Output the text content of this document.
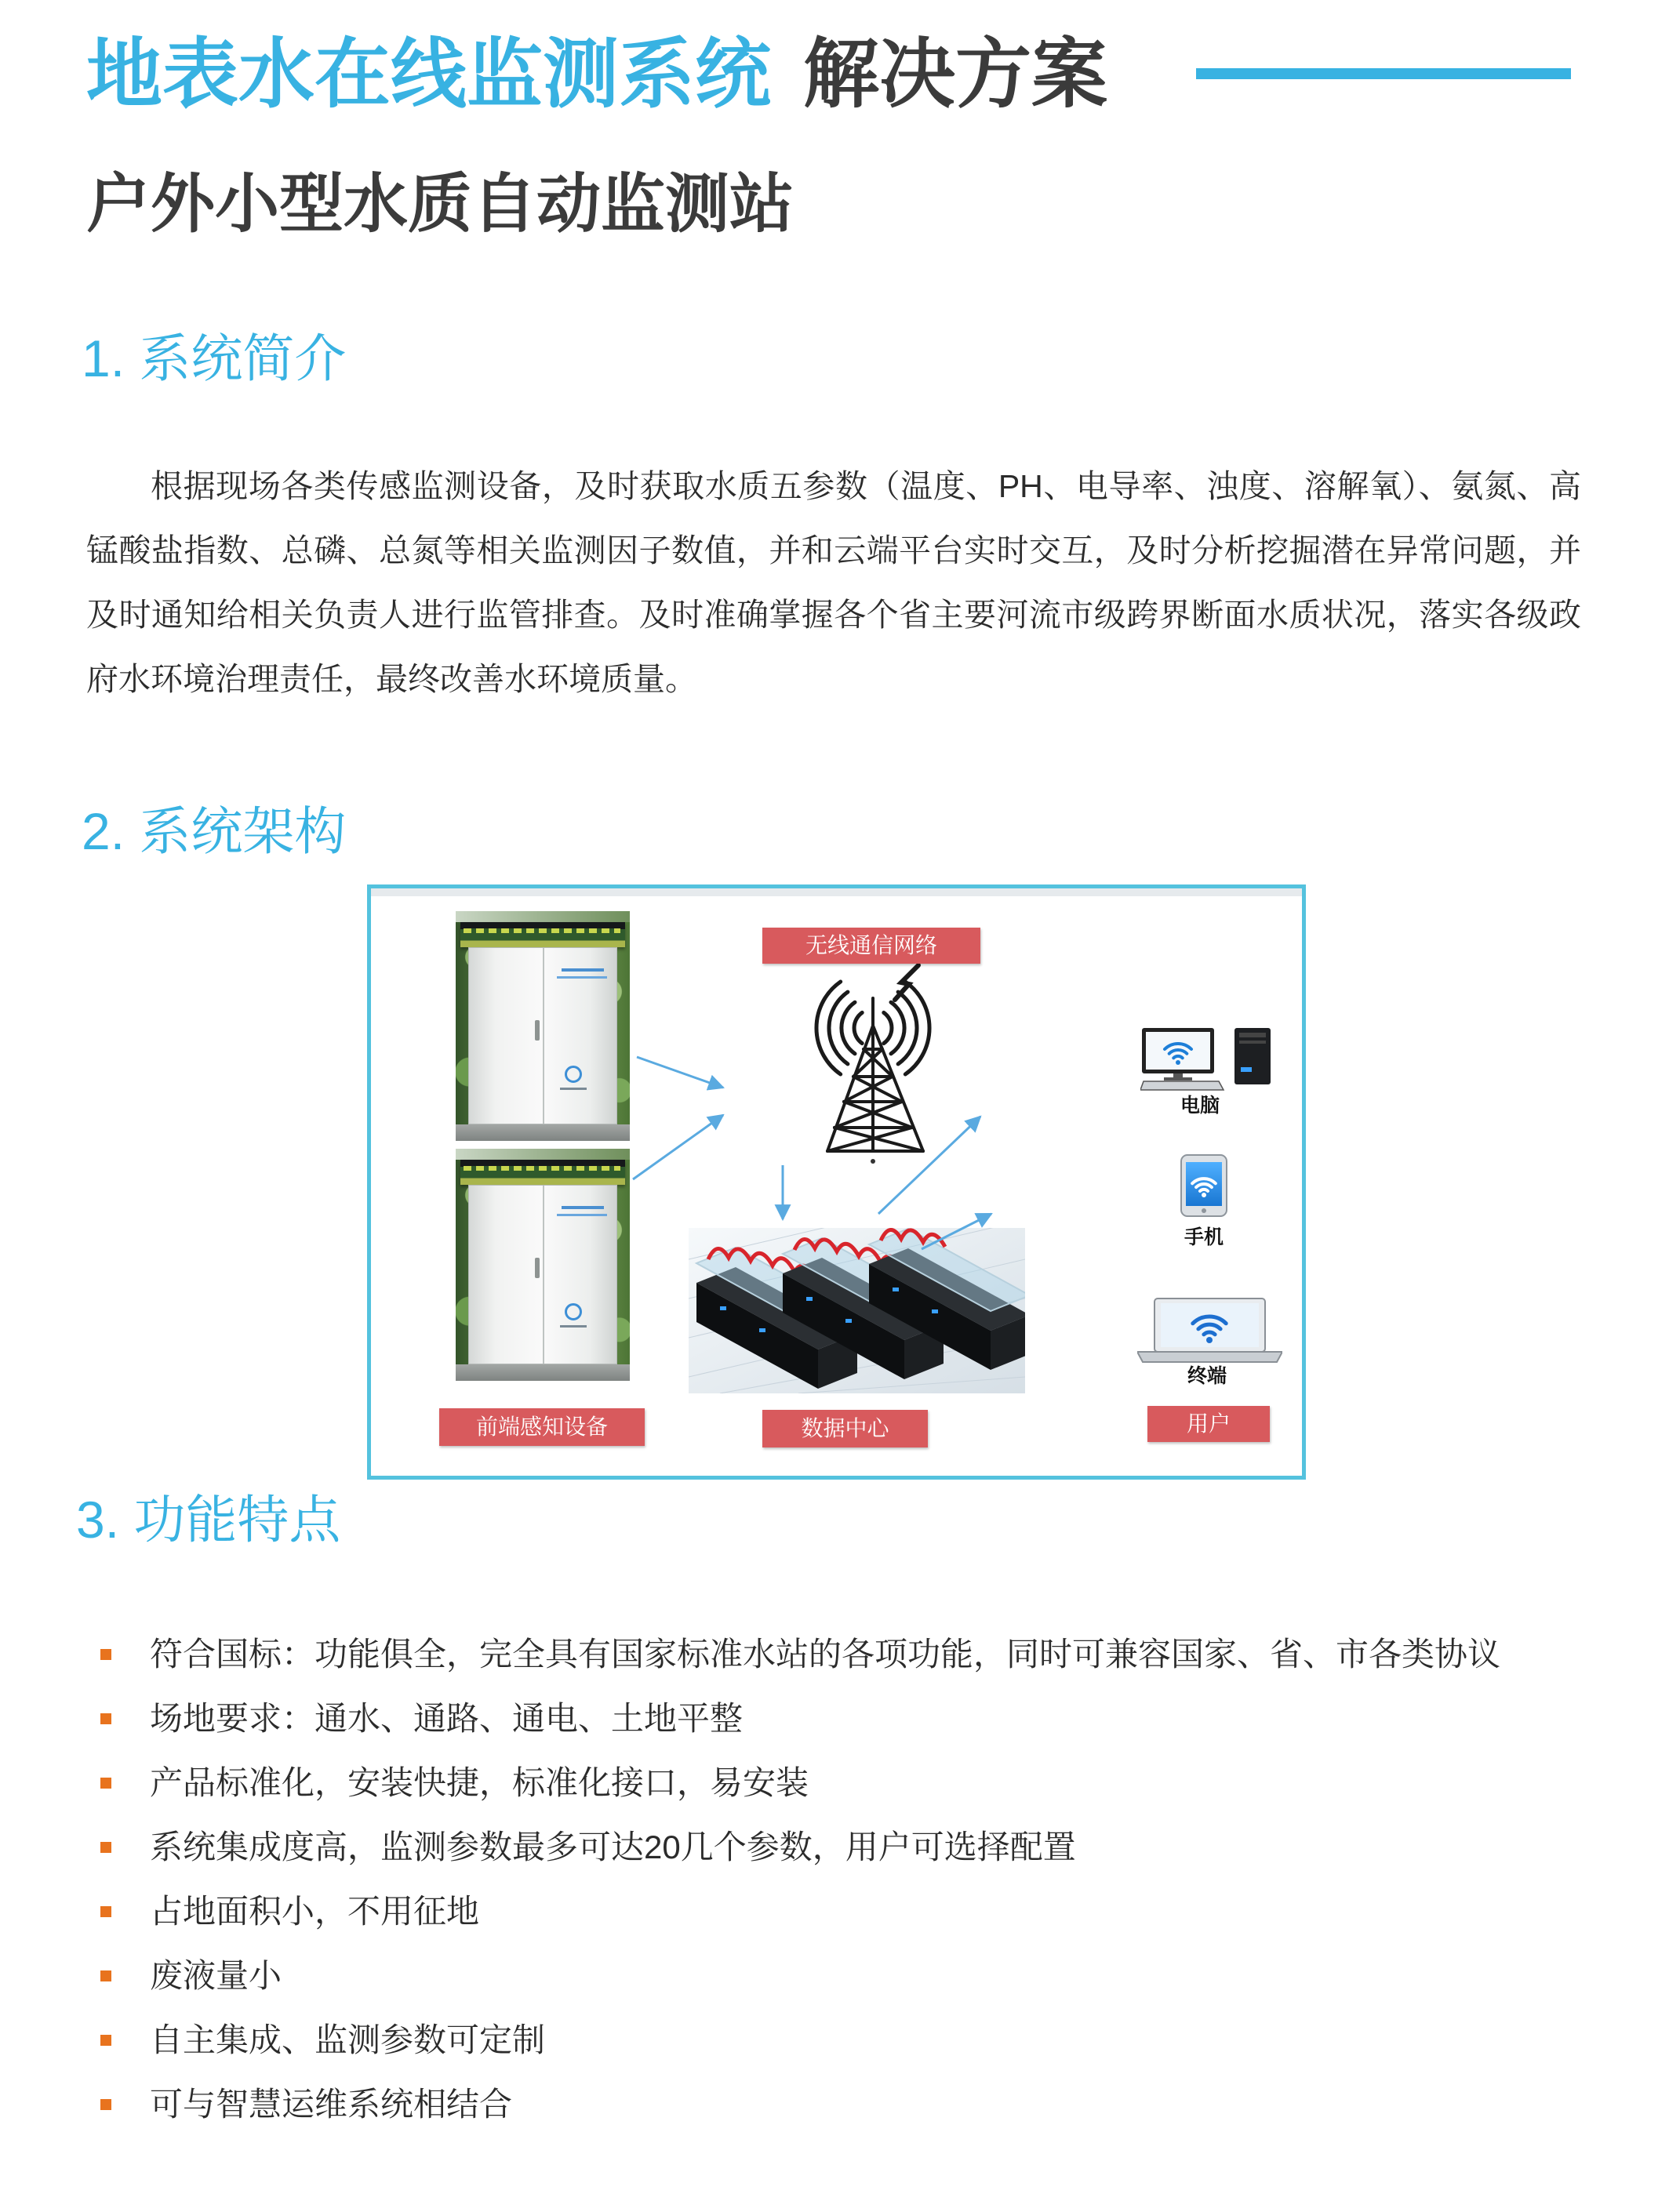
地表水在线监测系统 解决方案
户外小型水质自动监测站
1. 系统简介
根据现场各类传感监测设备，及时获取水质五参数（温度、PH、电导率、浊度、溶解氧）、氨氮、高锰酸盐指数、总磷、总氮等相关监测因子数值，并和云端平台实时交互，及时分析挖掘潜在异常问题，并及时通知给相关负责人进行监管排查。及时准确掌握各个省主要河流市级跨界断面水质状况，落实各级政府水环境治理责任，最终改善水环境质量。
2. 系统架构
电脑
手机
终端
无线通信网络
前端感知设备	数据中心	用户
3. 功能特点
符合国标：功能俱全，完全具有国家标准水站的各项功能，同时可兼容国家、省、市各类协议
场地要求：通水、通路、通电、土地平整
产品标准化，安装快捷，标准化接口，易安装
系统集成度高，监测参数最多可达20几个参数，用户可选择配置
占地面积小，不用征地
废液量小
自主集成、监测参数可定制
可与智慧运维系统相结合
